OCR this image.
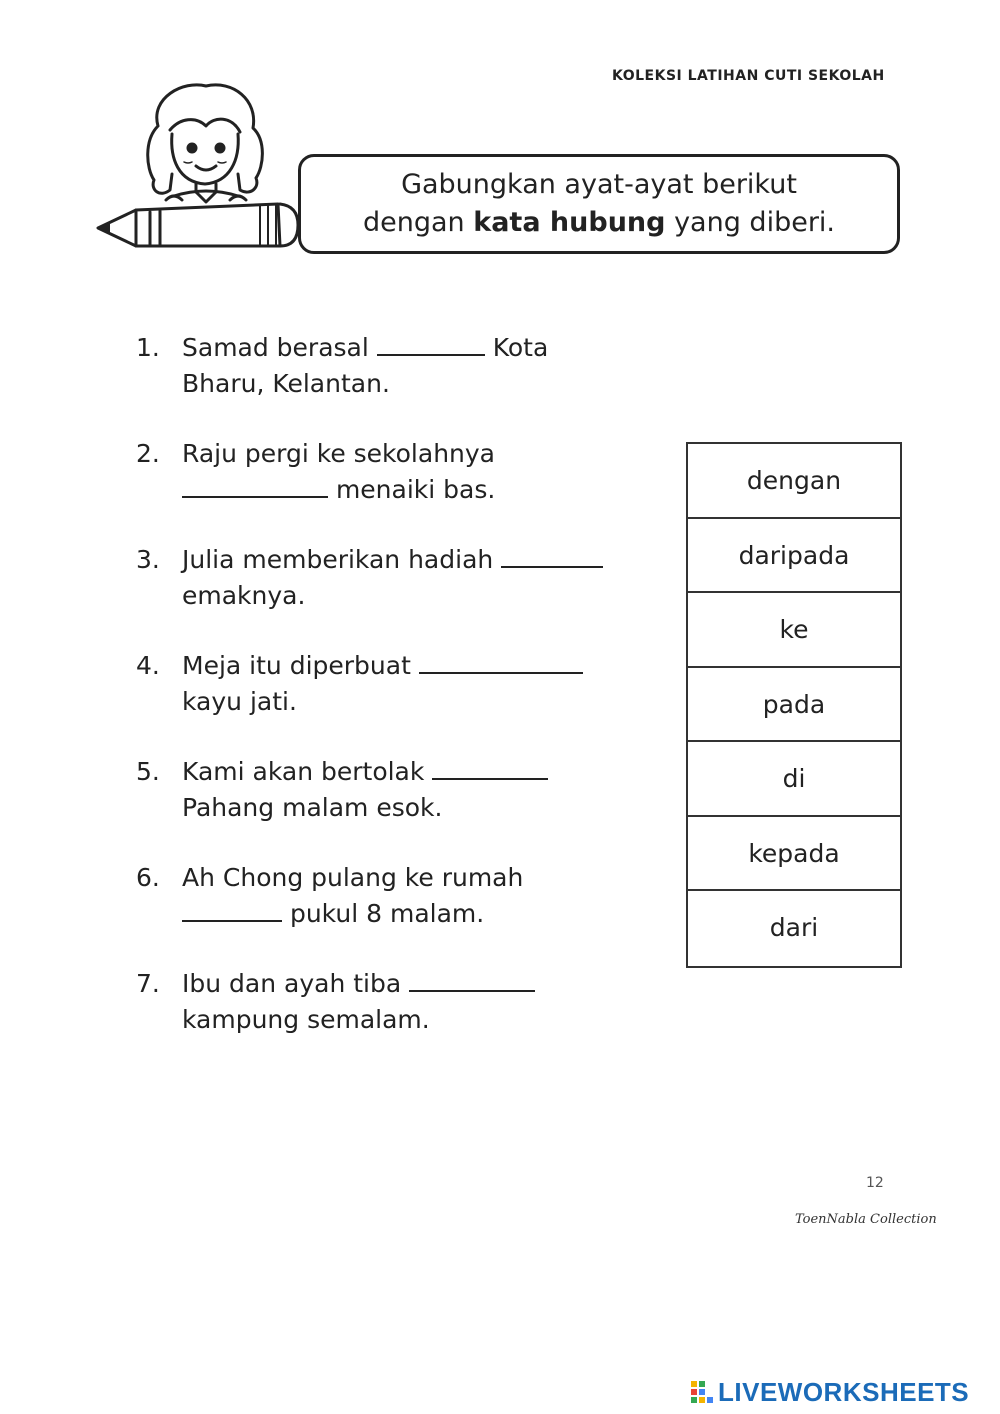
KOLEKSI LATIHAN CUTI SEKOLAH
Gabungkan ayat-ayat berikut
dengan kata hubung yang diberi.
1. Samad berasal	Kota
Bharu, Kelantan.
2. Raju pergi ke sekolahnya
menaiki bas.
3. Julia memberikan hadiah
emaknya.
4. Meja itu diperbuat
kayu jati.
5. Kami akan bertolak
Pahang malam esok.
6. Ah Chong pulang ke rumah
pukul 8 malam.
7. Ibu dan ayah tiba
kampung semalam.
dengan
daripada
ke
pada
di
kepada
dari
12
ToenNabla Collection
LIVEWORKSHEETS
